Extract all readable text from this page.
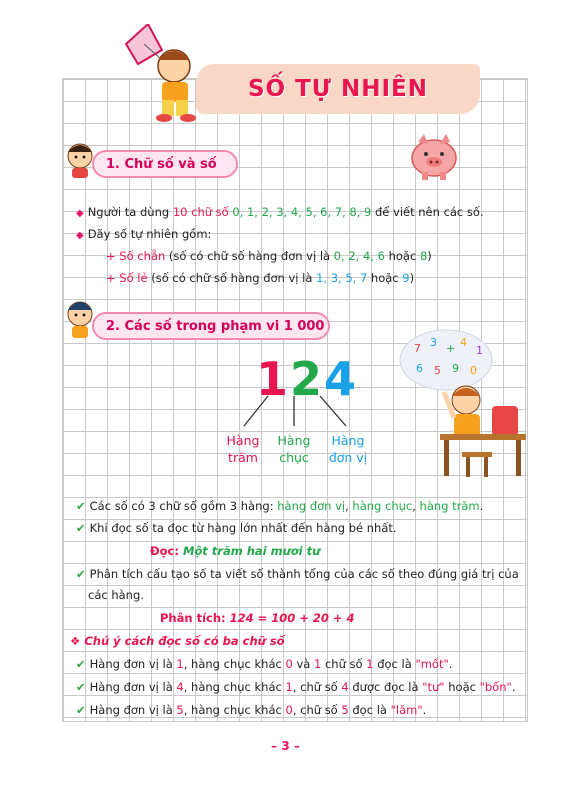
SỐ TỰ NHIÊN
1. Chữ số và số
◆ Người ta dùng 10 chữ số 0, 1, 2, 3, 4, 5, 6, 7, 8, 9 để viết nên các số.
◆ Dãy số tự nhiên gồm:
+ Số chẵn (số có chữ số hàng đơn vị là 0, 2, 4, 6 hoặc 8)
+ Số lẻ (số có chữ số hàng đơn vị là 1, 3, 5, 7 hoặc 9)
2. Các số trong phạm vi 1 000
124
Hàng
trăm
Hàng
chục
Hàng
đơn vị
7 3 + 4
1
6 5 9 0
✔ Các số có 3 chữ số gồm 3 hàng: hàng đơn vị, hàng chục, hàng trăm.
✔ Khi đọc số ta đọc từ hàng lớn nhất đến hàng bé nhất.
Đọc: Một trăm hai mươi tư
✔ Phân tích cấu tạo số ta viết số thành tổng của các số theo đúng giá trị của
các hàng.
Phân tích: 124 = 100 + 20 + 4
❖ Chú ý cách đọc số có ba chữ số
✔ Hàng đơn vị là 1, hàng chục khác 0 và 1 chữ số 1 đọc là "mốt".
✔ Hàng đơn vị là 4, hàng chục khác 1, chữ số 4 được đọc là "tư" hoặc "bốn".
✔ Hàng đơn vị là 5, hàng chục khác 0, chữ số 5 đọc là "lăm".
– 3 –
